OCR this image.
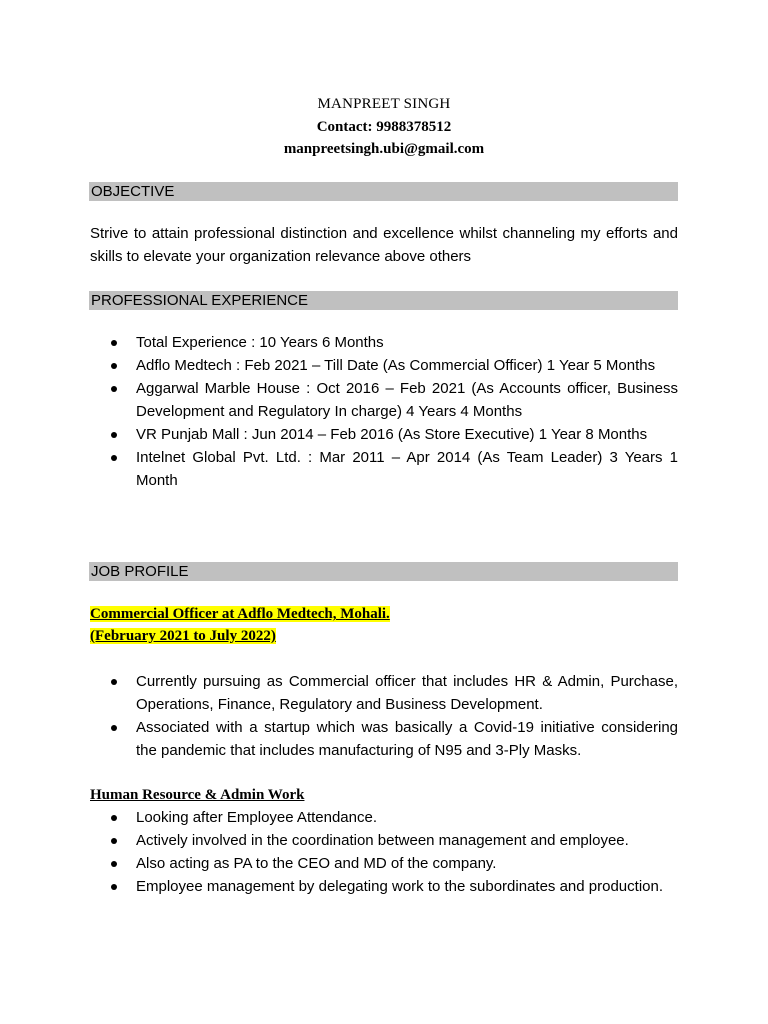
MANPREET SINGH
Contact: 9988378512
manpreetsingh.ubi@gmail.com
OBJECTIVE
Strive to attain professional distinction and excellence whilst channeling my efforts and skills to elevate your organization relevance above others
PROFESSIONAL EXPERIENCE
Total Experience : 10 Years 6 Months
Adflo Medtech : Feb 2021 – Till Date (As Commercial Officer) 1 Year 5 Months
Aggarwal Marble House : Oct 2016 – Feb 2021 (As Accounts officer, Business Development and Regulatory In charge) 4 Years 4 Months
VR Punjab Mall : Jun 2014 – Feb 2016 (As Store Executive) 1 Year 8 Months
Intelnet Global Pvt. Ltd. : Mar 2011 – Apr 2014 (As Team Leader) 3 Years 1 Month
JOB PROFILE
Commercial Officer at Adflo Medtech, Mohali.
(February 2021 to July 2022)
Currently pursuing as Commercial officer that includes HR & Admin, Purchase, Operations, Finance, Regulatory and Business Development.
Associated with a startup which was basically a Covid-19 initiative considering the pandemic that includes manufacturing of N95 and 3-Ply Masks.
Human Resource & Admin Work
Looking after Employee Attendance.
Actively involved in the coordination between management and employee.
Also acting as PA to the CEO and MD of the company.
Employee management by delegating work to the subordinates and production.
